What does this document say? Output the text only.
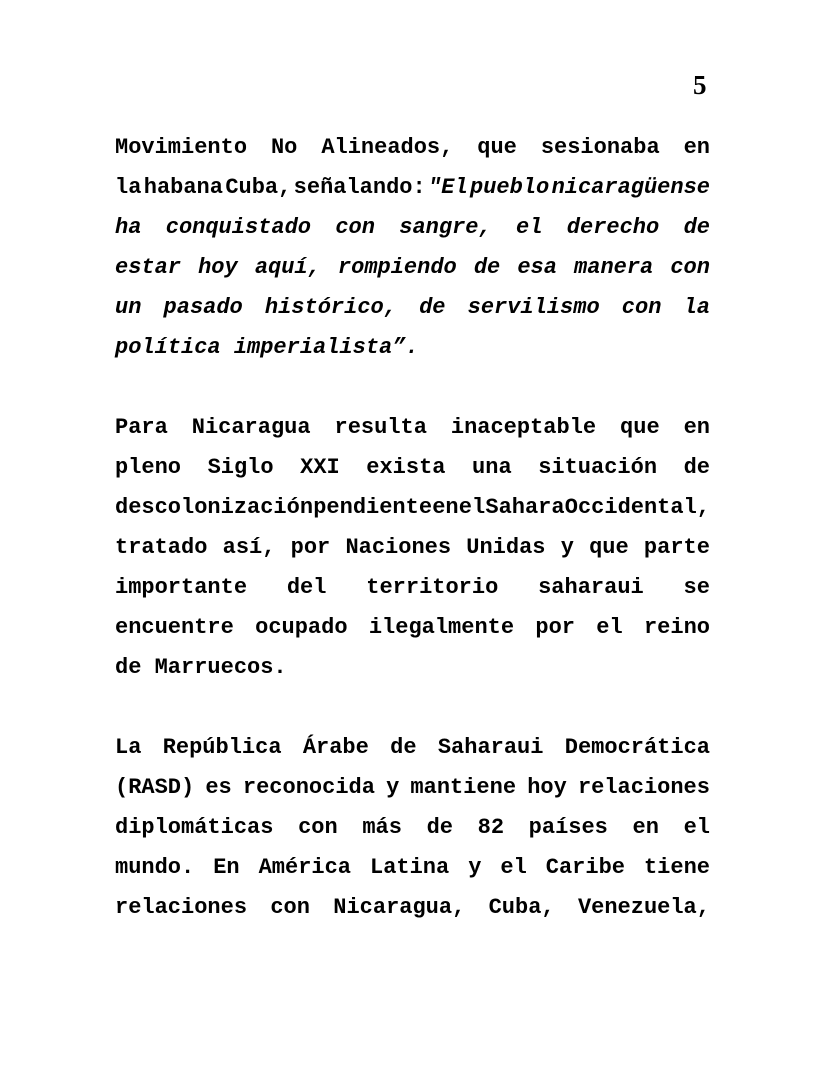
5
Movimiento No Alineados, que sesionaba en
la habana Cuba, señalando: "El pueblo nicaragüense
ha conquistado con sangre, el derecho de
estar hoy aquí, rompiendo de esa manera con
un pasado histórico, de servilismo con la
política imperialista”.
Para Nicaragua resulta inaceptable que en
pleno Siglo XXI exista una situación de
descolonización pendiente en el Sahara Occidental,
tratado así, por Naciones Unidas y que parte
importante del territorio saharaui se
encuentre ocupado ilegalmente por el reino
de Marruecos.
La República Árabe de Saharaui Democrática
(RASD) es reconocida y mantiene hoy relaciones
diplomáticas con más de 82 países en el
mundo. En América Latina y el Caribe tiene
relaciones con Nicaragua, Cuba, Venezuela,
